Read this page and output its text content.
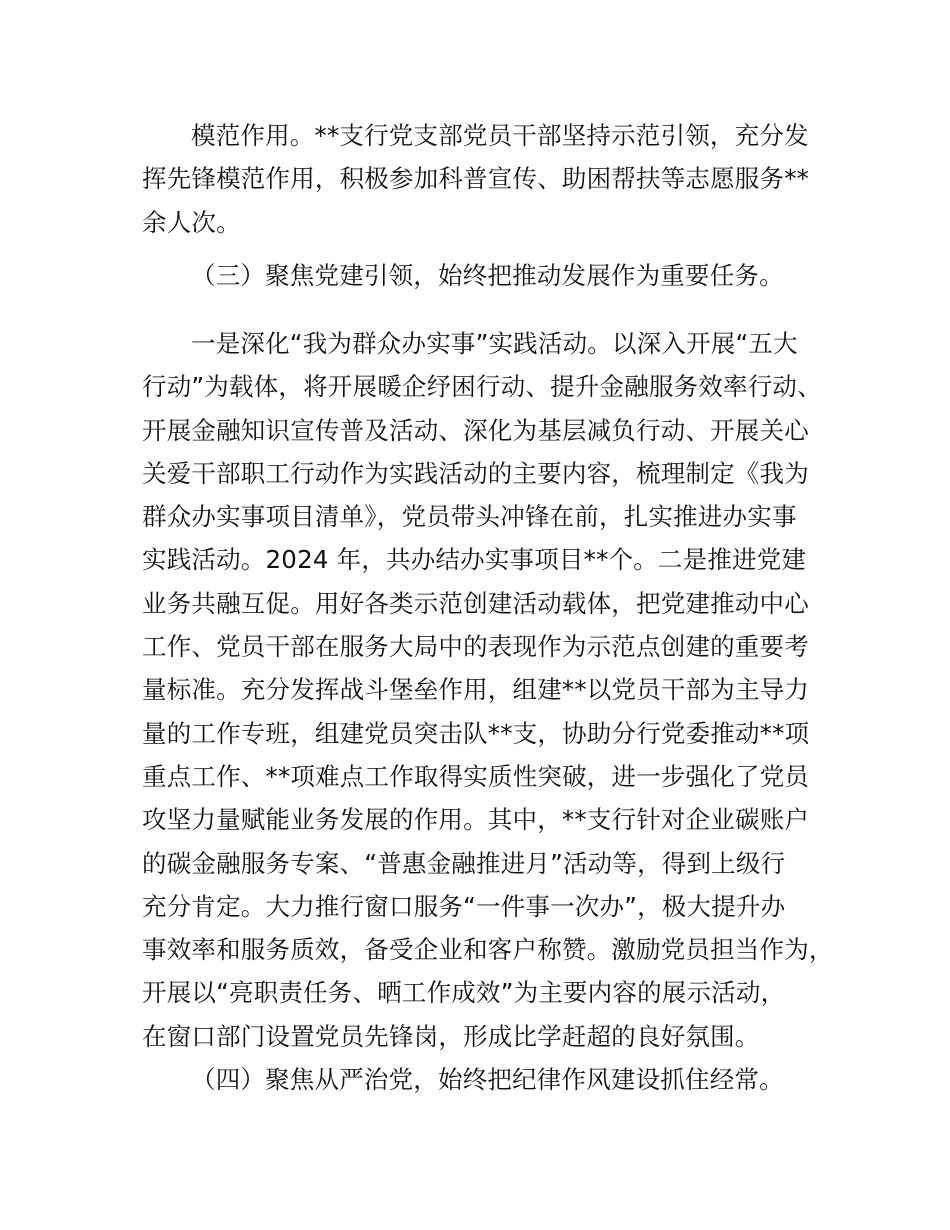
模范作用。**支行党支部党员干部坚持示范引领，充分发
挥先锋模范作用，积极参加科普宣传、助困帮扶等志愿服务**
余人次。
（三）聚焦党建引领，始终把推动发展作为重要任务。
一是深化“我为群众办实事”实践活动。以深入开展“五大
行动”为载体，将开展暖企纾困行动、提升金融服务效率行动、
开展金融知识宣传普及活动、深化为基层减负行动、开展关心
关爱干部职工行动作为实践活动的主要内容，梳理制定《我为
群众办实事项目清单》，党员带头冲锋在前，扎实推进办实事
实践活动。2024 年，共办结办实事项目**个。二是推进党建
业务共融互促。用好各类示范创建活动载体，把党建推动中心
工作、党员干部在服务大局中的表现作为示范点创建的重要考
量标准。充分发挥战斗堡垒作用，组建**以党员干部为主导力
量的工作专班，组建党员突击队**支，协助分行党委推动**项
重点工作、**项难点工作取得实质性突破，进一步强化了党员
攻坚力量赋能业务发展的作用。其中，**支行针对企业碳账户
的碳金融服务专案、“普惠金融推进月”活动等，得到上级行
充分肯定。大力推行窗口服务“一件事一次办”，极大提升办
事效率和服务质效，备受企业和客户称赞。激励党员担当作为，
开展以“亮职责任务、晒工作成效”为主要内容的展示活动，
在窗口部门设置党员先锋岗，形成比学赶超的良好氛围。
（四）聚焦从严治党，始终把纪律作风建设抓住经常。
